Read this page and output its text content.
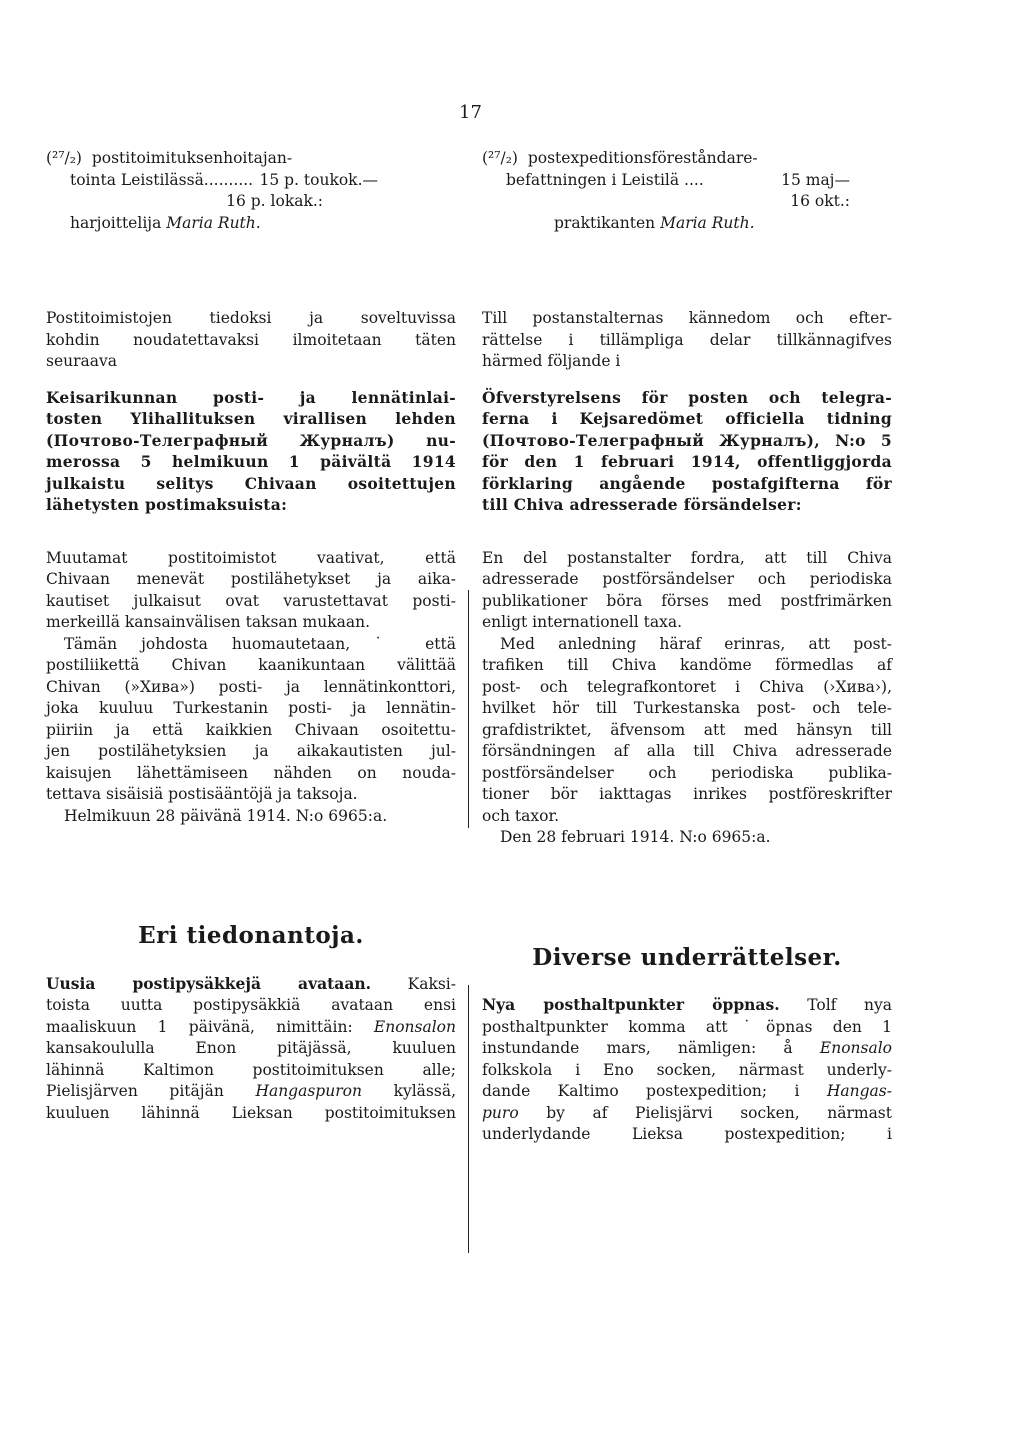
17
(²⁷/₂) postitoimituksenhoitajan-
tointa Leistilässä.......... 15 p. toukok.—
16 p. lokak.:
harjoittelija Maria Ruth.
Postitoimistojen tiedoksi ja soveltuvissa
kohdin noudatettavaksi ilmoitetaan täten
seuraava
Keisarikunnan posti- ja lennätinlai-
tosten Ylihallituksen virallisen lehden
(Почтово-Телеграфный Журналъ) nu-
merossa 5 helmikuun 1 päivältä 1914
julkaistu selitys Chivaan osoitettujen
lähetysten postimaksuista:
Muutamat postitoimistot vaativat, että
Chivaan menevät postilähetykset ja aika-
kautiset julkaisut ovat varustettavat posti-
merkeillä kansainvälisen taksan mukaan.
Tämän johdosta huomautetaan, ˙ että
postiliikettä Chivan kaanikuntaan välittää
Chivan (»Хива») posti- ja lennätinkonttori,
joka kuuluu Turkestanin posti- ja lennätin-
piiriin ja että kaikkien Chivaan osoitettu-
jen postilähetyksien ja aikakautisten jul-
kaisujen lähettämiseen nähden on nouda-
tettava sisäisiä postisääntöjä ja taksoja.
Helmikuun 28 päivänä 1914. N:o 6965:a.
Eri tiedonantoja.
Uusia postipysäkkejä avataan. Kaksi-
toista uutta postipysäkkiä avataan ensi
maaliskuun 1 päivänä, nimittäin: Enonsalon
kansakoululla Enon pitäjässä, kuuluen
lähinnä Kaltimon postitoimituksen alle;
Pielisjärven pitäjän Hangaspuron kylässä,
kuuluen lähinnä Lieksan postitoimituksen
(²⁷/₂) postexpeditionsföreståndare-
befattningen i Leistilä ....	15 maj—
16 okt.:
praktikanten Maria Ruth.
Till postanstalternas kännedom och efter-
rättelse i tillämpliga delar tillkännagifves
härmed följande i
Öfverstyrelsens för posten och telegra-
ferna i Kejsaredömet officiella tidning
(Почтово-Телеграфный Журналъ), N:o 5
för den 1 februari 1914, offentliggjorda
förklaring angående postafgifterna för
till Chiva adresserade försändelser:
En del postanstalter fordra, att till Chiva
adresserade postförsändelser och periodiska
publikationer böra förses med postfrimärken
enligt internationell taxa.
Med anledning häraf erinras, att post-
trafiken till Chiva kandöme förmedlas af
post- och telegrafkontoret i Chiva (›Хива›),
hvilket hör till Turkestanska post- och tele-
grafdistriktet, äfvensom att med hänsyn till
försändningen af alla till Chiva adresserade
postförsändelser och periodiska publika-
tioner bör iakttagas inrikes postföreskrifter
och taxor.
Den 28 februari 1914. N:o 6965:a.
Diverse underrättelser.
Nya posthaltpunkter öppnas. Tolf nya
posthaltpunkter komma att˙öpnas den 1
instundande mars, nämligen: å Enonsalo
folkskola i Eno socken, närmast underly-
dande Kaltimo postexpedition; i Hangas-
puro by af Pielisjärvi socken, närmast
underlydande Lieksa postexpedition; i
